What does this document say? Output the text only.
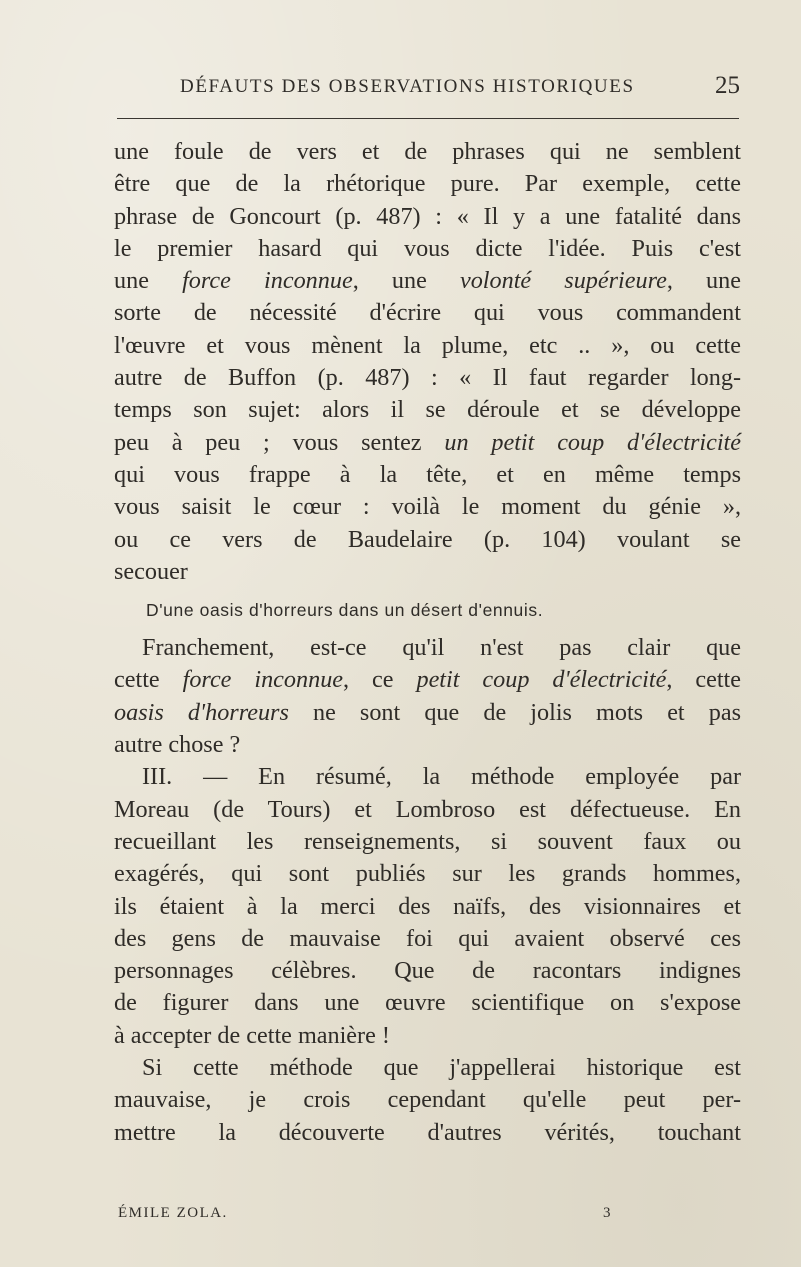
DÉFAUTS DES OBSERVATIONS HISTORIQUES	25
une foule de vers et de phrases qui ne semblent
être que de la rhétorique pure. Par exemple, cette
phrase de Goncourt (p. 487) : « Il y a une fatalité dans
le premier hasard qui vous dicte l'idée. Puis c'est
une force inconnue, une volonté supérieure, une
sorte de nécessité d'écrire qui vous commandent
l'œuvre et vous mènent la plume, etc .. », ou cette
autre de Buffon (p. 487) : « Il faut regarder long-
temps son sujet: alors il se déroule et se développe
peu à peu ; vous sentez un petit coup d'électricité
qui vous frappe à la tête, et en même temps
vous saisit le cœur : voilà le moment du génie »,
ou ce vers de Baudelaire (p. 104) voulant se
secouer
D'une oasis d'horreurs dans un désert d'ennuis.
Franchement, est-ce qu'il n'est pas clair que
cette force inconnue, ce petit coup d'électricité, cette
oasis d'horreurs ne sont que de jolis mots et pas
autre chose ?
III. — En résumé, la méthode employée par
Moreau (de Tours) et Lombroso est défectueuse. En
recueillant les renseignements, si souvent faux ou
exagérés, qui sont publiés sur les grands hommes,
ils étaient à la merci des naïfs, des visionnaires et
des gens de mauvaise foi qui avaient observé ces
personnages célèbres. Que de racontars indignes
de figurer dans une œuvre scientifique on s'expose
à accepter de cette manière !
Si cette méthode que j'appellerai historique est
mauvaise, je crois cependant qu'elle peut per-
mettre la découverte d'autres vérités, touchant
ÉMILE ZOLA.	3
